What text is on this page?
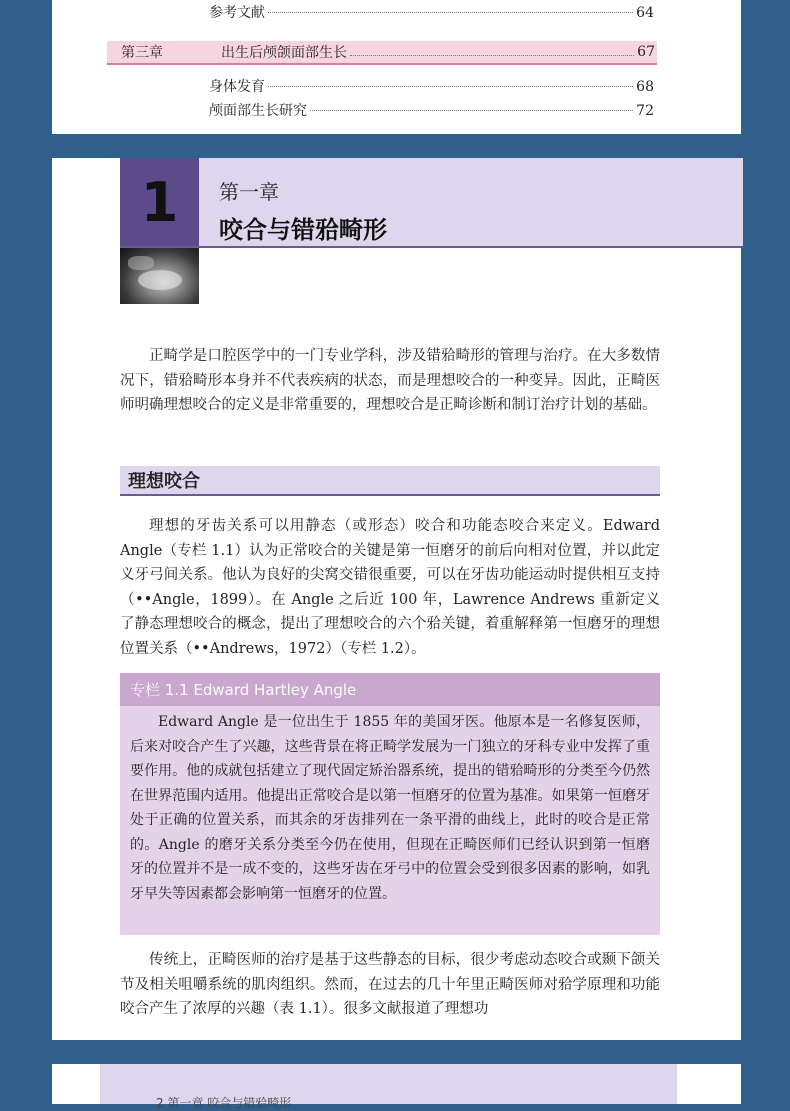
参考文献	64
第三章	出生后颅颌面部生长	67
身体发育	68
颅面部生长研究	72
1	第一章
咬合与错𬌗畸形

正畸学是口腔医学中的一门专业学科，涉及错𬌗畸形的管理与治疗。在大多数情况下，错𬌗畸形本身并不代表疾病的状态，而是理想咬合的一种变异。因此，正畸医师明确理想咬合的定义是非常重要的，理想咬合是正畸诊断和制订治疗计划的基础。

理想咬合

理想的牙齿关系可以用静态（或形态）咬合和功能态咬合来定义。Edward Angle（专栏 1.1）认为正常咬合的关键是第一恒磨牙的前后向相对位置，并以此定义牙弓间关系。他认为良好的尖窝交错很重要，可以在牙齿功能运动时提供相互支持（••Angle，1899）。在 Angle 之后近 100 年，Lawrence Andrews 重新定义了静态理想咬合的概念，提出了理想咬合的六个𬌗关键，着重解释第一恒磨牙的理想位置关系（••Andrews，1972）（专栏 1.2）。

专栏 1.1 Edward Hartley Angle

Edward Angle 是一位出生于 1855 年的美国牙医。他原本是一名修复医师，后来对咬合产生了兴趣，这些背景在将正畸学发展为一门独立的牙科专业中发挥了重要作用。他的成就包括建立了现代固定矫治器系统，提出的错𬌗畸形的分类至今仍然在世界范围内适用。他提出正常咬合是以第一恒磨牙的位置为基准。如果第一恒磨牙处于正确的位置关系，而其余的牙齿排列在一条平滑的曲线上，此时的咬合是正常的。Angle 的磨牙关系分类至今仍在使用，但现在正畸医师们已经认识到第一恒磨牙的位置并不是一成不变的，这些牙齿在牙弓中的位置会受到很多因素的影响，如乳牙早失等因素都会影响第一恒磨牙的位置。

传统上，正畸医师的治疗是基于这些静态的目标，很少考虑动态咬合或颞下颌关节及相关咀嚼系统的肌肉组织。然而，在过去的几十年里正畸医师对𬌗学原理和功能咬合产生了浓厚的兴趣（表 1.1）。很多文献报道了理想功

2 第一章 咬合与错𬌗畸形
